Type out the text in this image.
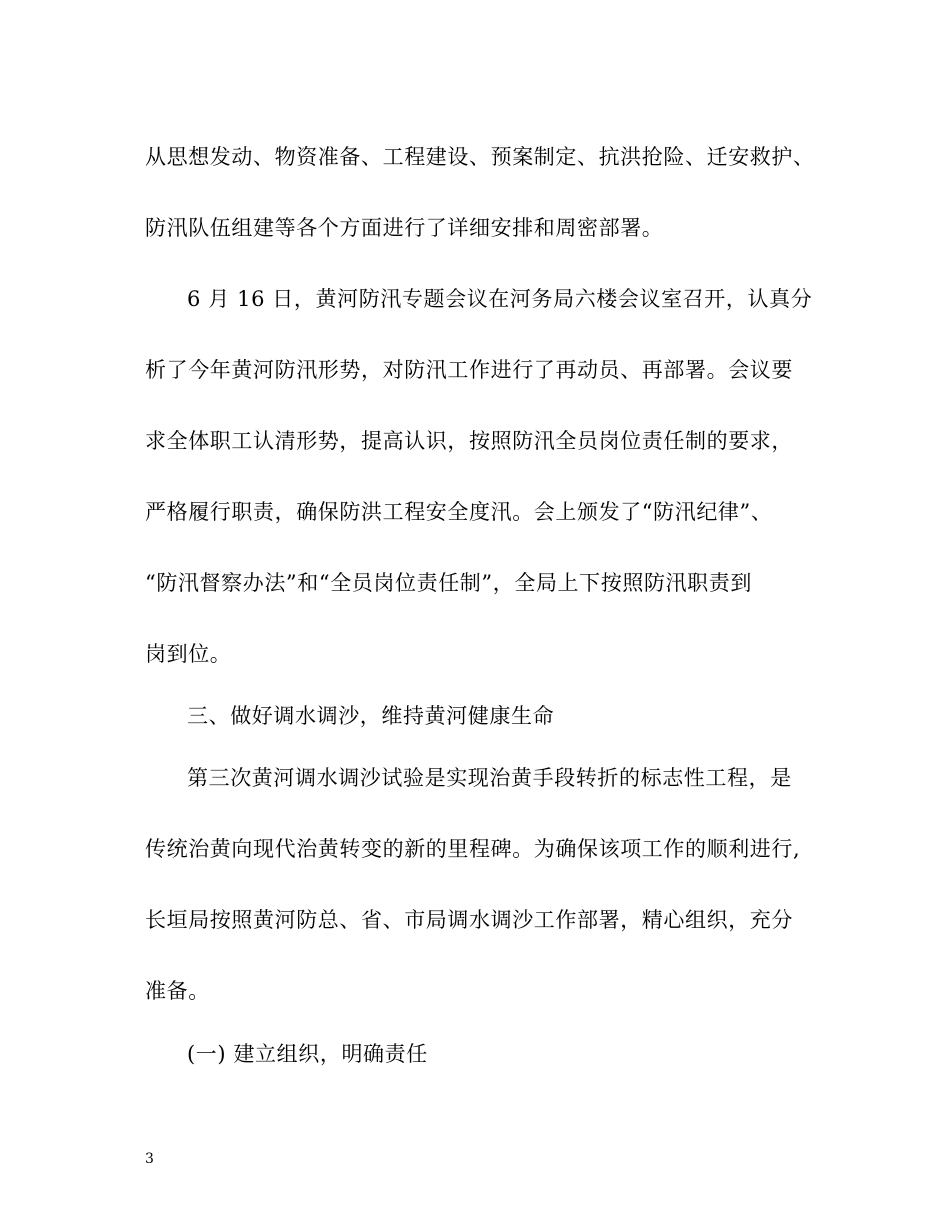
从思想发动、物资准备、工程建设、预案制定、抗洪抢险、迁安救护、
防汛队伍组建等各个方面进行了详细安排和周密部署。
6 月 16 日，黄河防汛专题会议在河务局六楼会议室召开，认真分
析了今年黄河防汛形势，对防汛工作进行了再动员、再部署。会议要
求全体职工认清形势，提高认识，按照防汛全员岗位责任制的要求，
严格履行职责，确保防洪工程安全度汛。会上颁发了“防汛纪律”、
“防汛督察办法”和“全员岗位责任制”，全局上下按照防汛职责到
岗到位。
三、做好调水调沙，维持黄河健康生命
第三次黄河调水调沙试验是实现治黄手段转折的标志性工程，是
传统治黄向现代治黄转变的新的里程碑。为确保该项工作的顺利进行,
长垣局按照黄河防总、省、市局调水调沙工作部署，精心组织，充分
准备。
(一) 建立组织，明确责任
3
